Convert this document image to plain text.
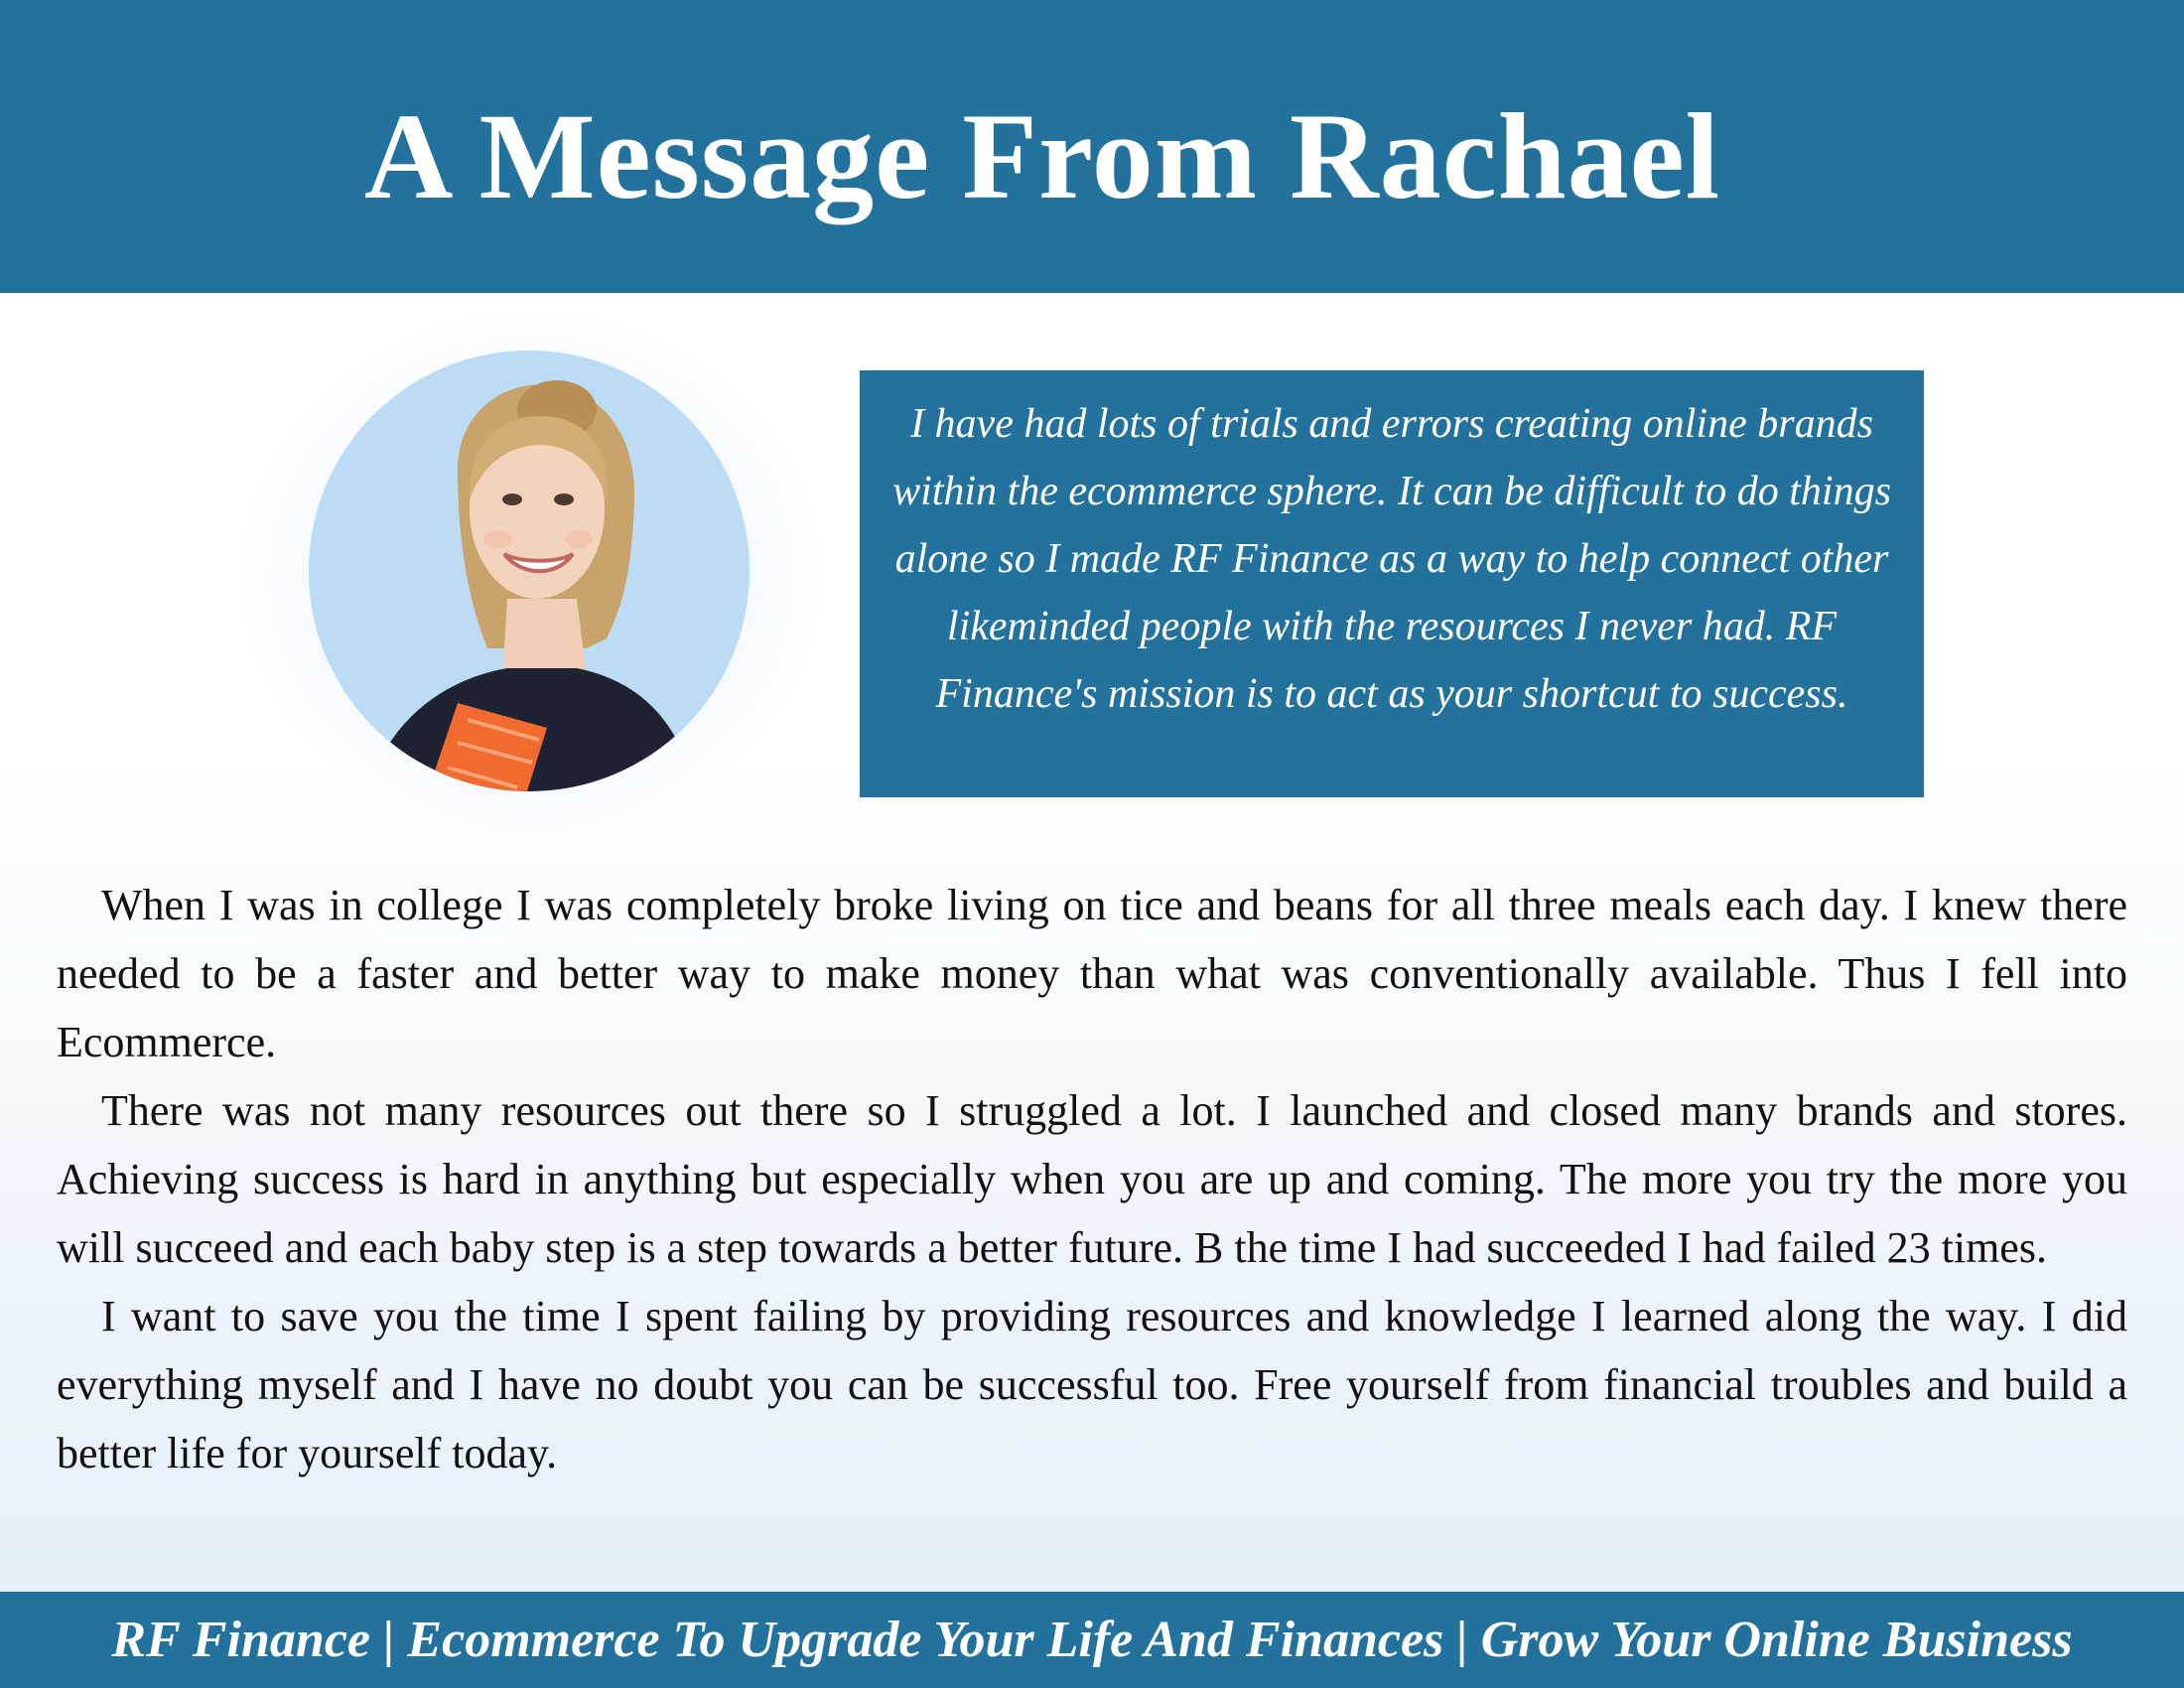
A Message From Rachael

I have had lots of trials and errors creating online brands within the ecommerce sphere. It can be difficult to do things alone so I made RF Finance as a way to help connect other likeminded people with the resources I never had. RF Finance's mission is to act as your shortcut to success.

When I was in college I was completely broke living on tice and beans for all three meals each day. I knew there needed to be a faster and better way to make money than what was conventionally available. Thus I fell into Ecommerce.

There was not many resources out there so I struggled a lot. I launched and closed many brands and stores. Achieving success is hard in anything but especially when you are up and coming. The more you try the more you will succeed and each baby step is a step towards a better future. B the time I had succeeded I had failed 23 times.

I want to save you the time I spent failing by providing resources and knowledge I learned along the way. I did everything myself and I have no doubt you can be successful too. Free yourself from financial troubles and build a better life for yourself today.

RF Finance | Ecommerce To Upgrade Your Life And Finances | Grow Your Online Business
